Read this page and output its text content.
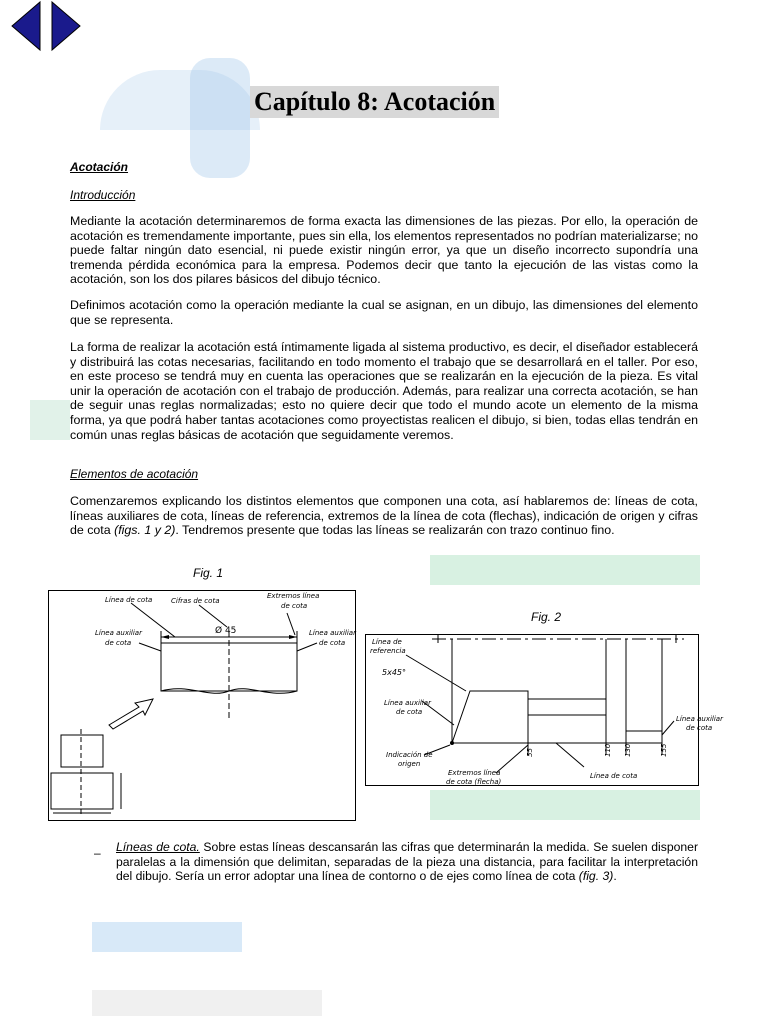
Capítulo 8: Acotación
Acotación
Introducción

Mediante la acotación determinaremos de forma exacta las dimensiones de las piezas. Por ello, la operación de acotación es tremendamente importante, pues sin ella, los elementos representados no podrían materializarse; no puede faltar ningún dato esencial, ni puede existir ningún error, ya que un diseño incorrecto supondría una tremenda pérdida económica para la empresa. Podemos decir que tanto la ejecución de las vistas como la acotación, son los dos pilares básicos del dibujo técnico.

Definimos acotación como la operación mediante la cual se asignan, en un dibujo, las dimensiones del elemento que se representa.

La forma de realizar la acotación está íntimamente ligada al sistema productivo, es decir, el diseñador establecerá y distribuirá las cotas necesarias, facilitando en todo momento el trabajo que se desarrollará en el taller. Por eso, en este proceso se tendrá muy en cuenta las operaciones que se realizarán en la ejecución de la pieza. Es vital unir la operación de acotación con el trabajo de producción. Además, para realizar una correcta acotación, se han de seguir unas reglas normalizadas; esto no quiere decir que todo el mundo acote un elemento de la misma forma, ya que podrá haber tantas acotaciones como proyectistas realicen el dibujo, si bien, todas ellas tendrán en común unas reglas básicas de acotación que seguidamente veremos.

Elementos de acotación

Comenzaremos explicando los distintos elementos que componen una cota, así hablaremos de: líneas de cota, líneas auxiliares de cota, líneas de referencia, extremos de la línea de cota (flechas), indicación de origen y cifras de cota (figs. 1 y 2). Tendremos presente que todas las líneas se realizarán con trazo continuo fino.

Fig. 1
Línea de cota	Cifras de cota
Extremos línea
de cota
Línea auxiliar
de cota
Línea auxiliar
de cota
Ø 45
Fig. 2
Línea de
referencia
5x45°
Línea auxiliar
de cota
Indicación de
origen
Extremos línea
de cota (flecha)
Línea de cota
Línea auxiliar
de cota
55	110 130	155
– Líneas de cota. Sobre estas líneas descansarán las cifras que determinarán la medida. Se suelen disponer paralelas a la dimensión que delimitan, separadas de la pieza una distancia, para facilitar la interpretación del dibujo. Sería un error adoptar una línea de contorno o de ejes como línea de cota (fig. 3).
